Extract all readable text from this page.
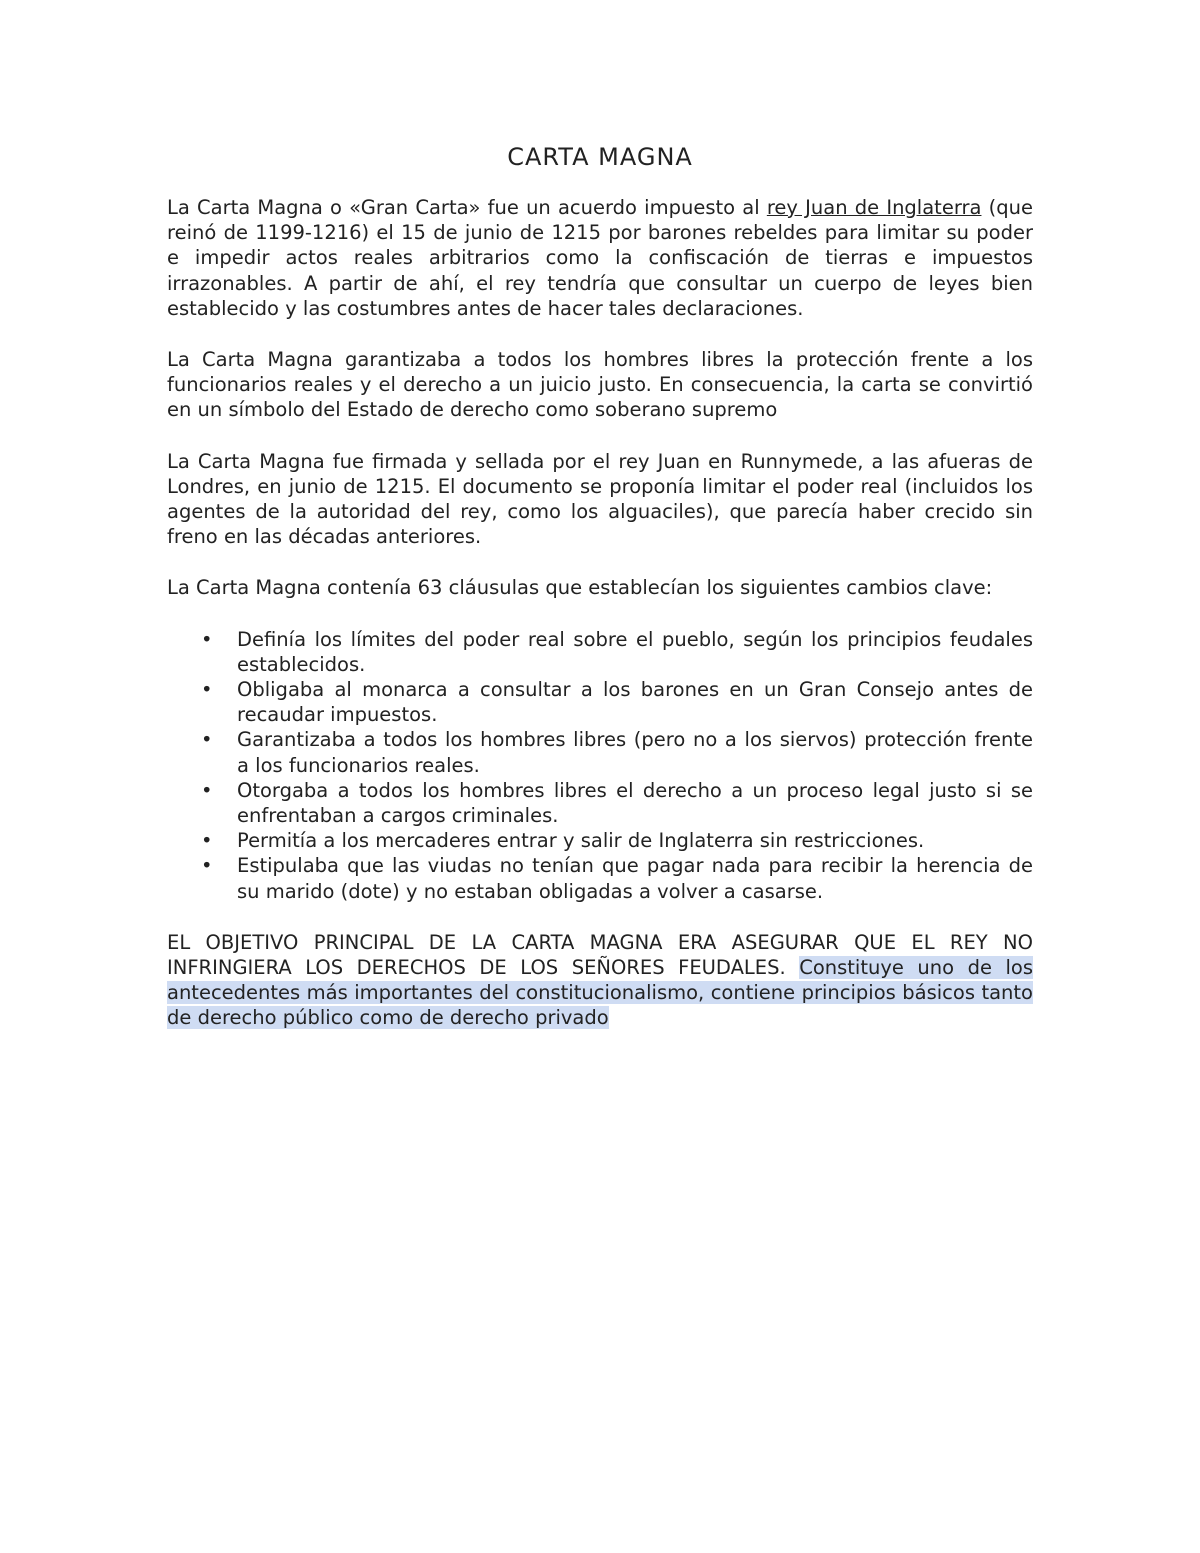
CARTA MAGNA

La Carta Magna o «Gran Carta» fue un acuerdo impuesto al rey Juan de Inglaterra (que reinó de 1199-1216) el 15 de junio de 1215 por barones rebeldes para limitar su poder e impedir actos reales arbitrarios como la confiscación de tierras e impuestos irrazonables. A partir de ahí, el rey tendría que consultar un cuerpo de leyes bien establecido y las costumbres antes de hacer tales declaraciones.

La Carta Magna garantizaba a todos los hombres libres la protección frente a los funcionarios reales y el derecho a un juicio justo. En consecuencia, la carta se convirtió en un símbolo del Estado de derecho como soberano supremo

La Carta Magna fue firmada y sellada por el rey Juan en Runnymede, a las afueras de Londres, en junio de 1215. El documento se proponía limitar el poder real (incluidos los agentes de la autoridad del rey, como los alguaciles), que parecía haber crecido sin freno en las décadas anteriores.

La Carta Magna contenía 63 cláusulas que establecían los siguientes cambios clave:

• Definía los límites del poder real sobre el pueblo, según los principios feudales establecidos.
• Obligaba al monarca a consultar a los barones en un Gran Consejo antes de recaudar impuestos.
• Garantizaba a todos los hombres libres (pero no a los siervos) protección frente a los funcionarios reales.
• Otorgaba a todos los hombres libres el derecho a un proceso legal justo si se enfrentaban a cargos criminales.
• Permitía a los mercaderes entrar y salir de Inglaterra sin restricciones.
• Estipulaba que las viudas no tenían que pagar nada para recibir la herencia de su marido (dote) y no estaban obligadas a volver a casarse.

EL OBJETIVO PRINCIPAL DE LA CARTA MAGNA ERA ASEGURAR QUE EL REY NO INFRINGIERA LOS DERECHOS DE LOS SEÑORES FEUDALES. Constituye uno de los antecedentes más importantes del constitucionalismo, contiene principios básicos tanto de derecho público como de derecho privado
